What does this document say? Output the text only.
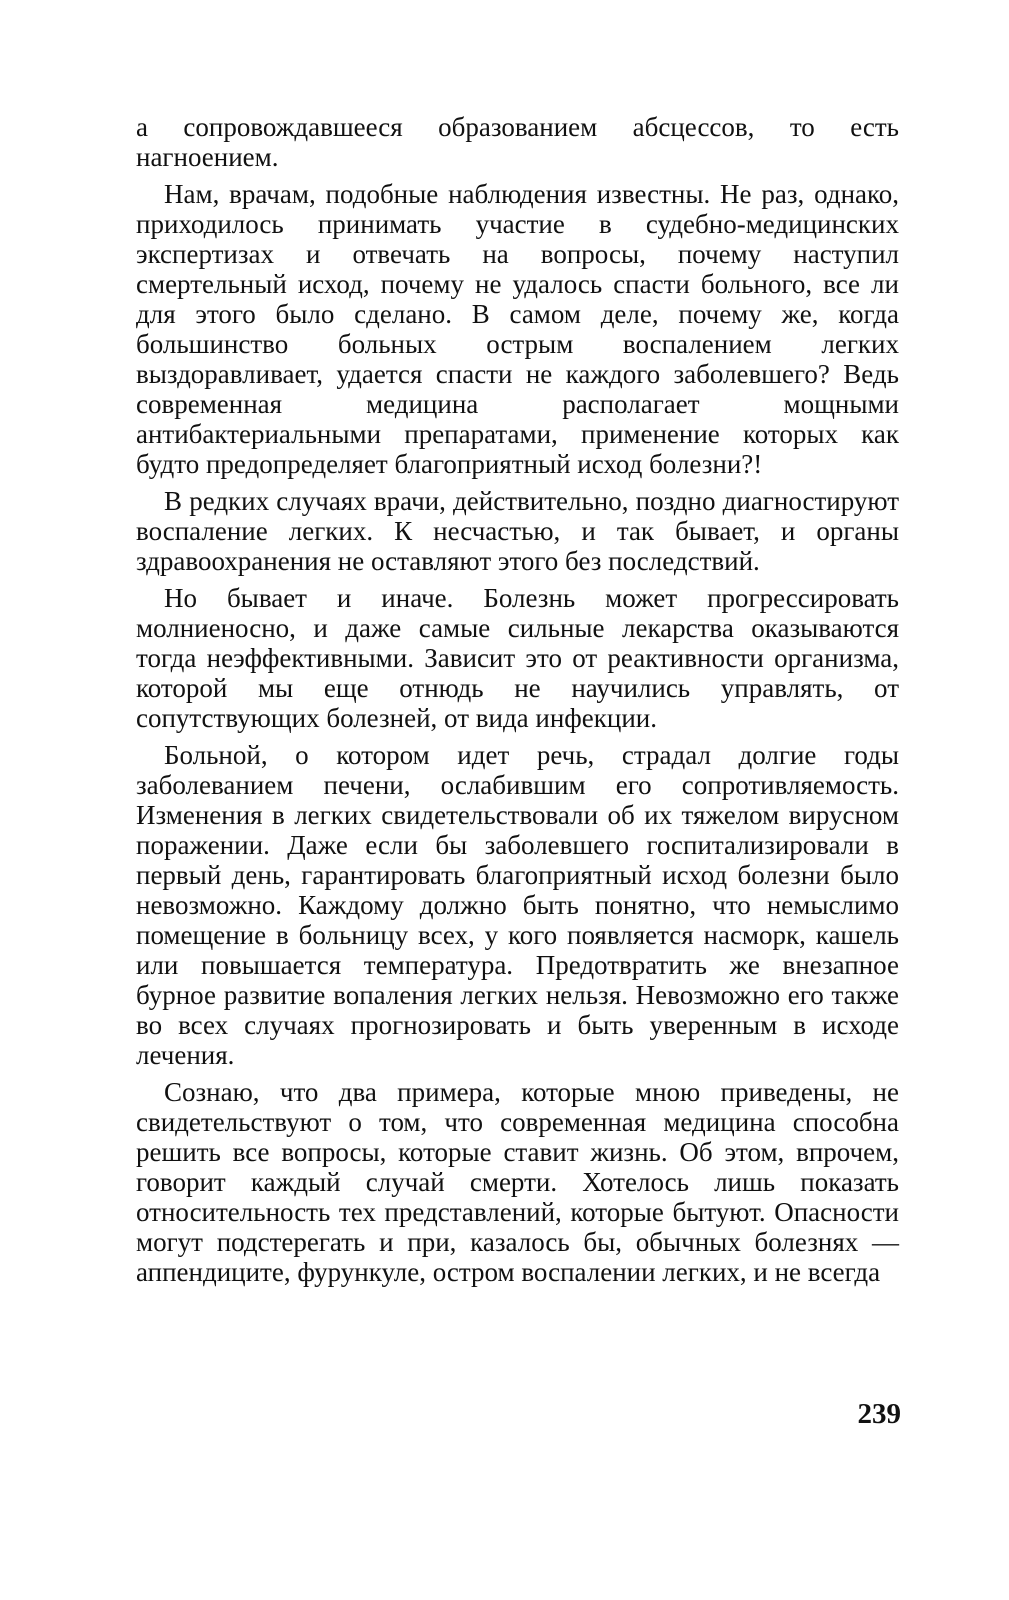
а сопровождавшееся образованием абсцессов, то есть нагноением.

Нам, врачам, подобные наблюдения известны. Не раз, однако, приходилось принимать участие в судебно-медицинских экспертизах и отвечать на вопросы, почему наступил смертельный исход, почему не удалось спасти больного, все ли для этого было сделано. В самом деле, почему же, когда большинство больных острым воспалением легких выздоравливает, удается спасти не каждого заболевшего? Ведь современная медицина располагает мощными антибактериальными препаратами, применение которых как будто предопределяет благоприятный исход болезни?!

В редких случаях врачи, действительно, поздно диагностируют воспаление легких. К несчастью, и так бывает, и органы здравоохранения не оставляют этого без последствий.

Но бывает и иначе. Болезнь может прогрессировать молниеносно, и даже самые сильные лекарства оказываются тогда неэффективными. Зависит это от реактивности организма, которой мы еще отнюдь не научились управлять, от сопутствующих болезней, от вида инфекции.

Больной, о котором идет речь, страдал долгие годы заболеванием печени, ослабившим его сопротивляемость. Изменения в легких свидетельствовали об их тяжелом вирусном поражении. Даже если бы заболевшего госпитализировали в первый день, гарантировать благоприятный исход болезни было невозможно. Каждому должно быть понятно, что немыслимо помещение в больницу всех, у кого появляется насморк, кашель или повышается температура. Предотвратить же внезапное бурное развитие вопаления легких нельзя. Невозможно его также во всех случаях прогнозировать и быть уверенным в исходе лечения.

Сознаю, что два примера, которые мною приведены, не свидетельствуют о том, что современная медицина способна решить все вопросы, которые ставит жизнь. Об этом, впрочем, говорит каждый случай смерти. Хотелось лишь показать относительность тех представлений, которые бытуют. Опасности могут подстерегать и при, казалось бы, обычных болезнях — аппендиците, фурункуле, остром воспалении легких, и не всегда

239
